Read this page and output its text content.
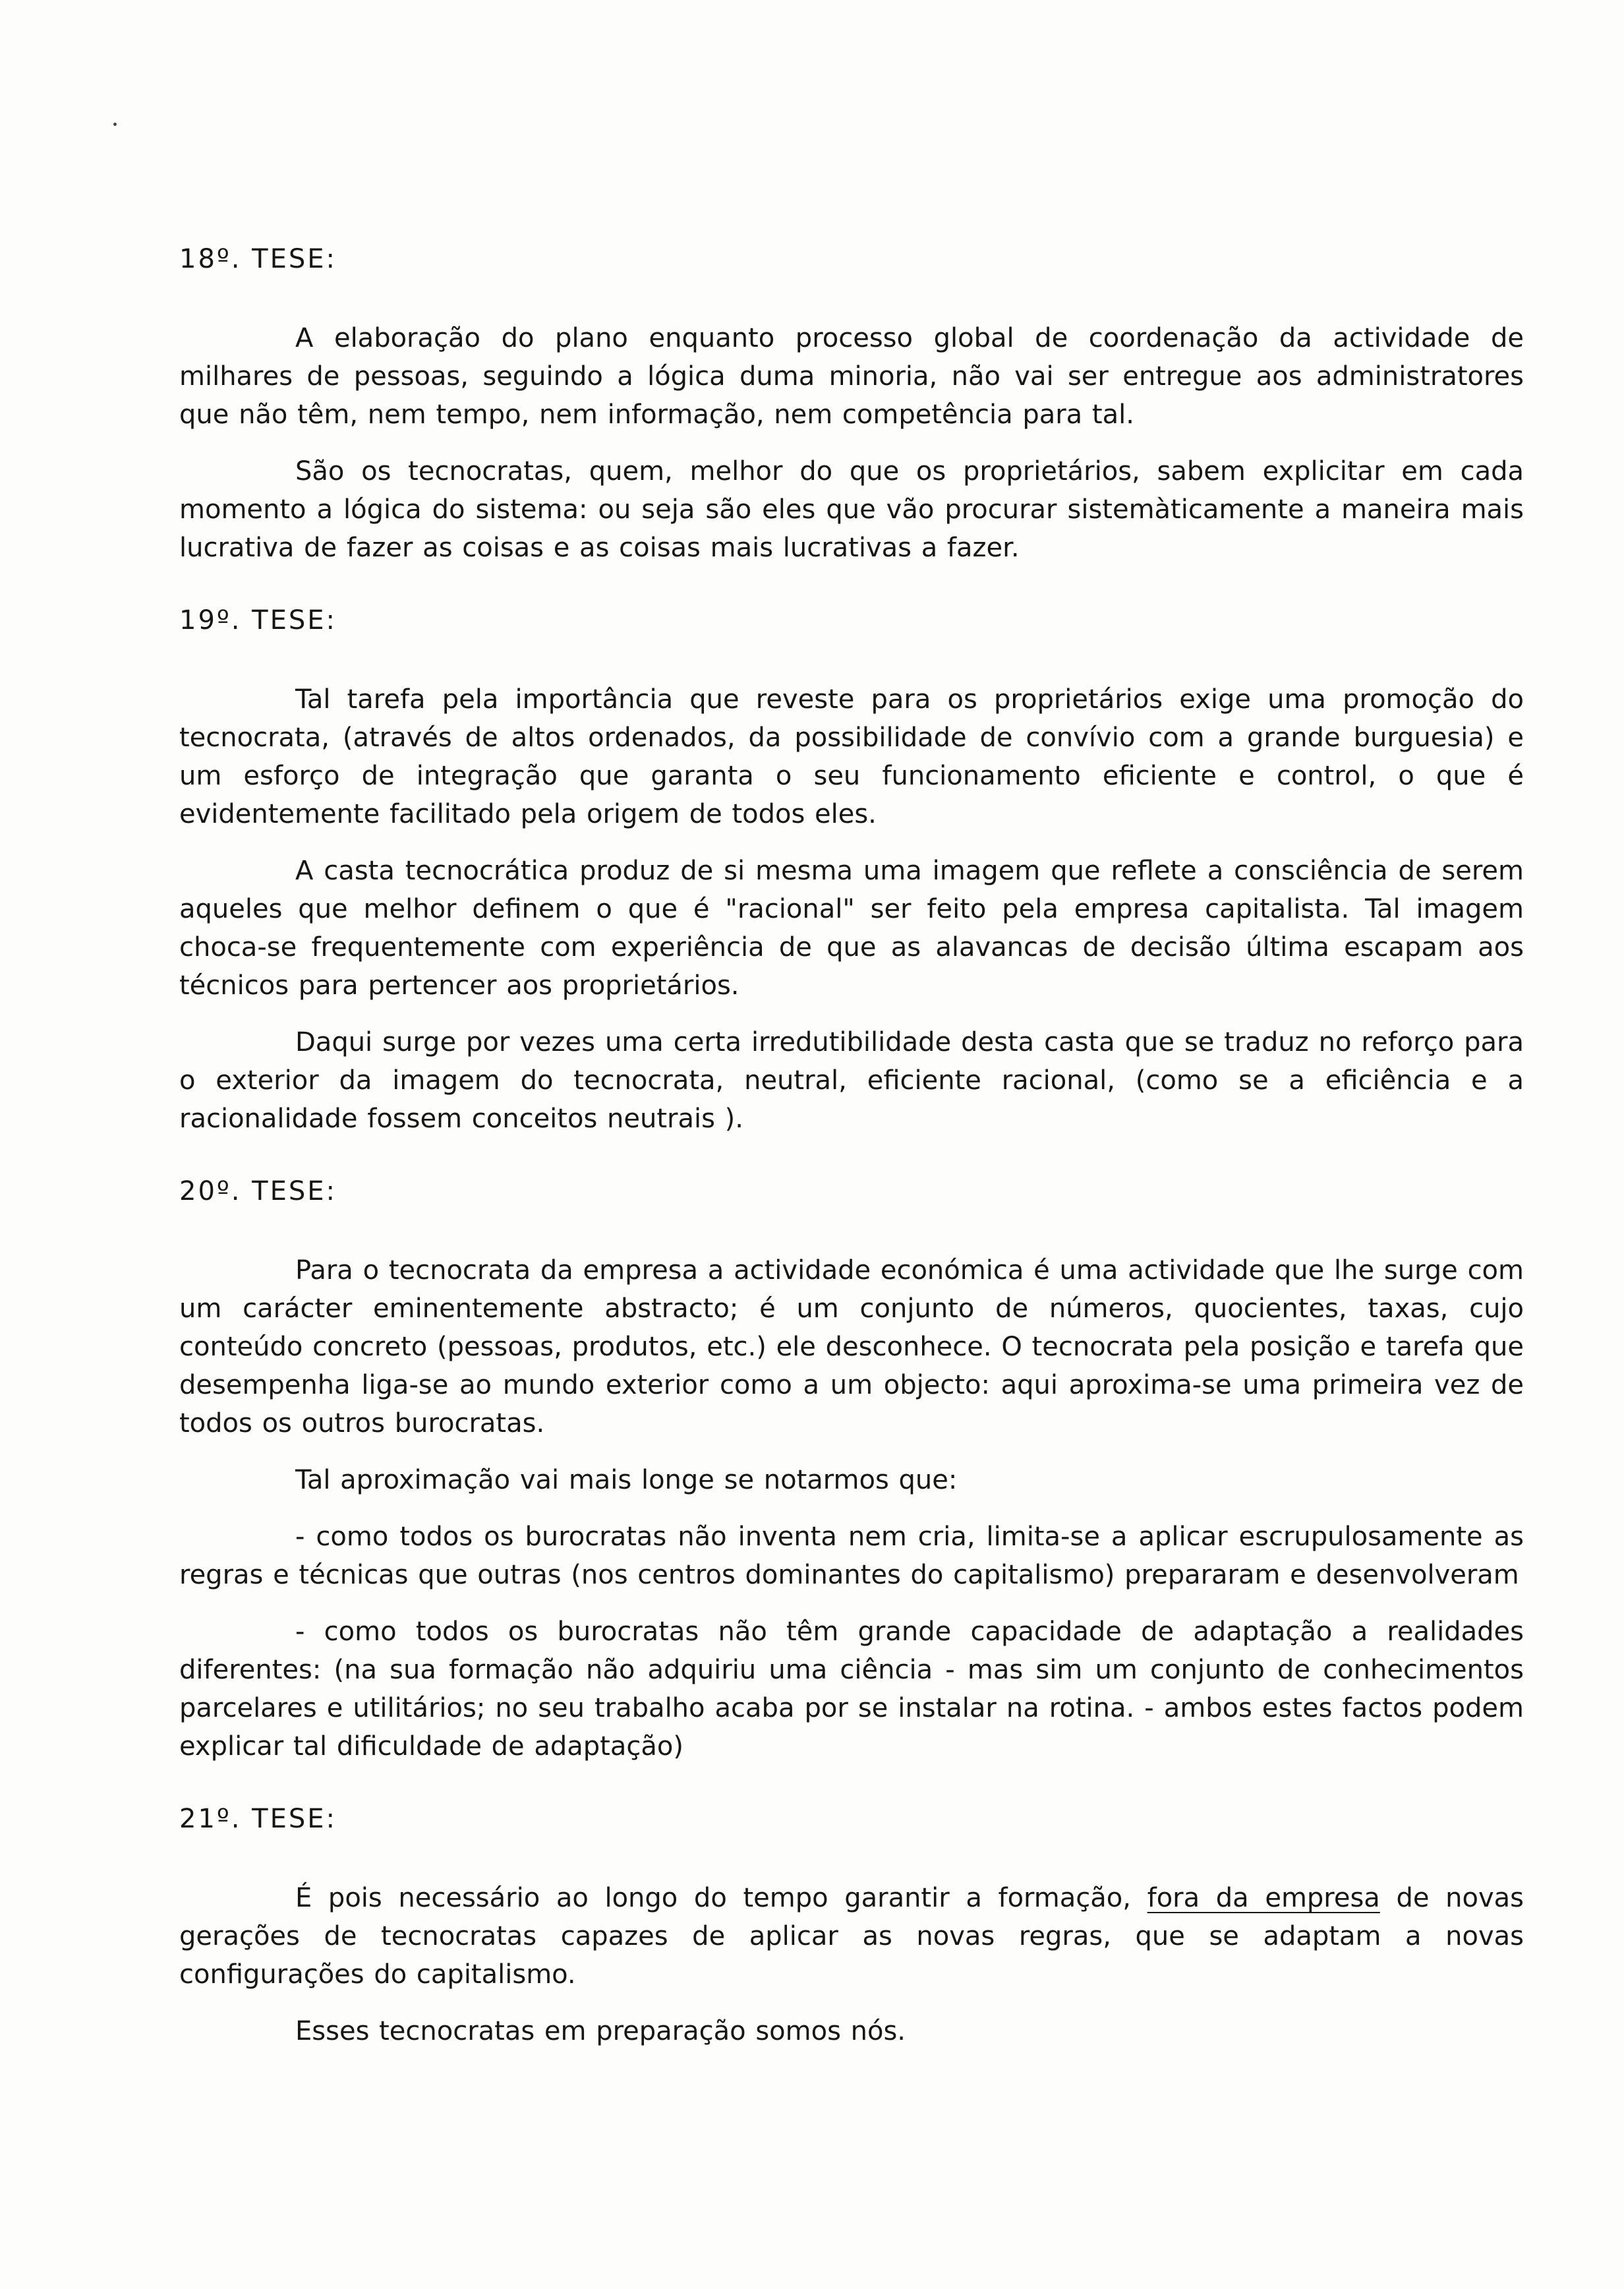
18º. TESE:

A elaboração do plano enquanto processo global de coordenação da actividade de milhares de pessoas, seguindo a lógica duma minoria, não vai ser entregue aos administratores que não têm, nem tempo, nem informação, nem competência para tal.

São os tecnocratas, quem, melhor do que os proprietários, sabem explicitar em cada momento a lógica do sistema: ou seja são eles que vão procurar sistemàticamente a maneira mais lucrativa de fazer as coisas e as coisas mais lucrativas a fazer.

19º. TESE:

Tal tarefa pela importância que reveste para os proprietários exige uma promoção do tecnocrata, (através de altos ordenados, da possibilidade de convívio com a grande burguesia) e um esforço de integração que garanta o seu funcionamento eficiente e control, o que é evidentemente facilitado pela origem de todos eles.

A casta tecnocrática produz de si mesma uma imagem que reflete a consciência de serem aqueles que melhor definem o que é "racional" ser feito pela empresa capitalista. Tal imagem choca-se frequentemente com experiência de que as alavancas de decisão última escapam aos técnicos para pertencer aos proprietários.

Daqui surge por vezes uma certa irredutibilidade desta casta que se traduz no reforço para o exterior da imagem do tecnocrata, neutral, eficiente racional, (como se a eficiência e a racionalidade fossem conceitos neutrais ).

20º. TESE:

Para o tecnocrata da empresa a actividade económica é uma actividade que lhe surge com um carácter eminentemente abstracto; é um conjunto de números, quocientes, taxas, cujo conteúdo concreto (pessoas, produtos, etc.) ele desconhece. O tecnocrata pela posição e tarefa que desempenha liga-se ao mundo exterior como a um objecto: aqui aproxima-se uma primeira vez de todos os outros burocratas.

Tal aproximação vai mais longe se notarmos que:

- como todos os burocratas não inventa nem cria, limita-se a aplicar escrupulosamente as regras e técnicas que outras (nos centros dominantes do capitalismo) prepararam e desenvolveram

- como todos os burocratas não têm grande capacidade de adaptação a realidades diferentes: (na sua formação não adquiriu uma ciência - mas sim um conjunto de conhecimentos parcelares e utilitários; no seu trabalho acaba por se instalar na rotina. - ambos estes factos podem explicar tal dificuldade de adaptação)

21º. TESE:

É pois necessário ao longo do tempo garantir a formação, fora da empresa de novas gerações de tecnocratas capazes de aplicar as novas regras, que se adaptam a novas configurações do capitalismo.

Esses tecnocratas em preparação somos nós.
